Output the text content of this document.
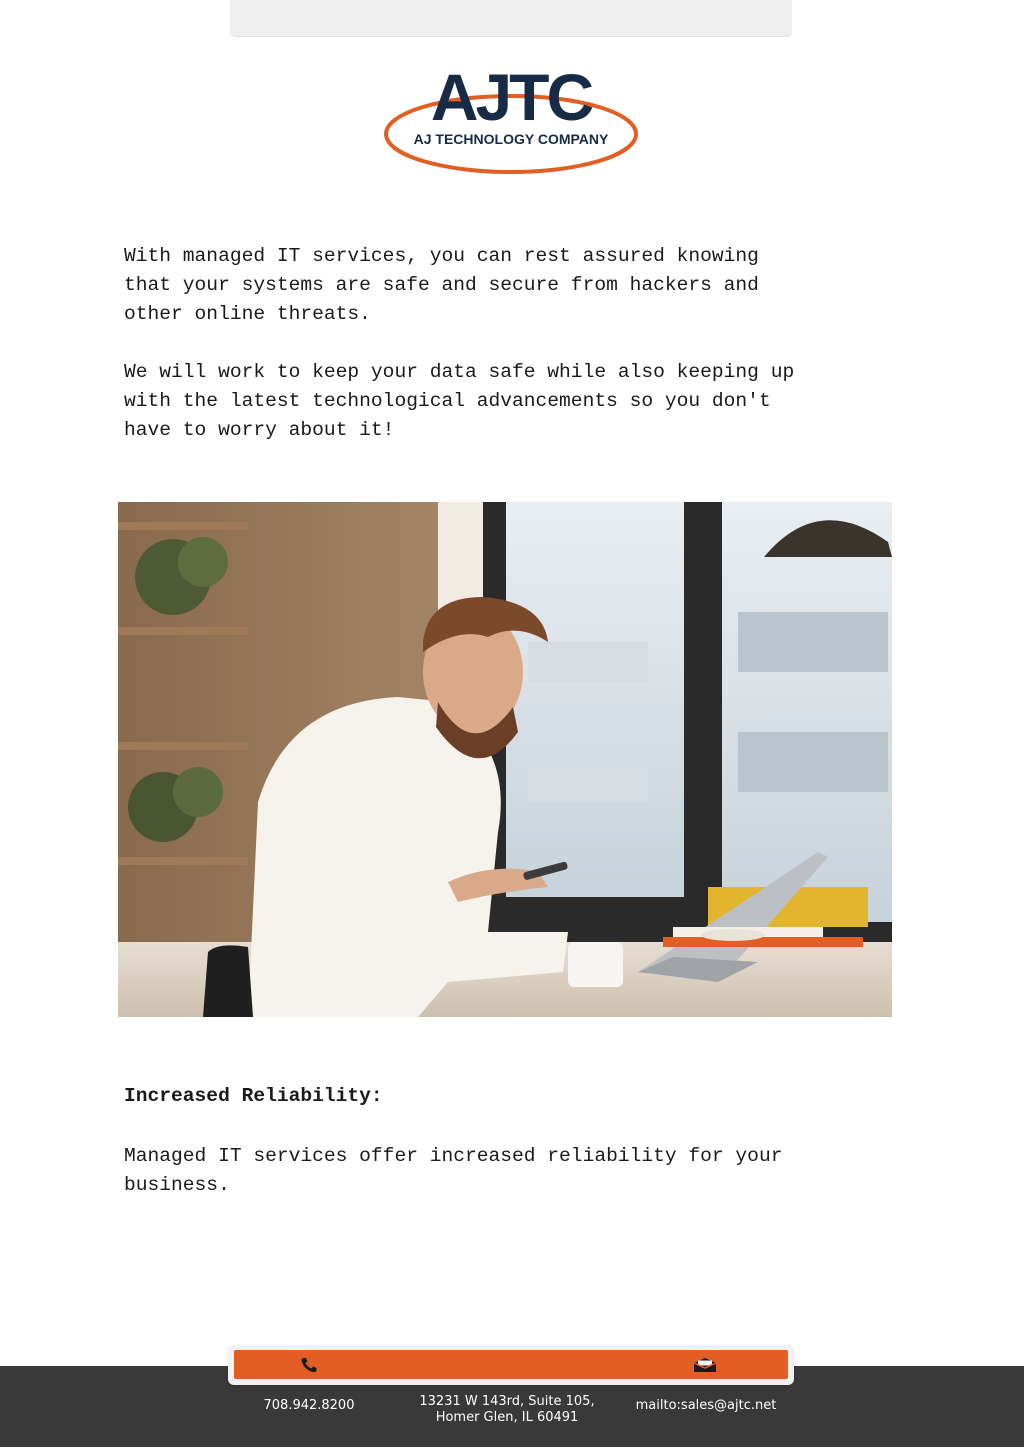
AJTC
AJ TECHNOLOGY COMPANY

With managed IT services, you can rest assured knowing
that your systems are safe and secure from hackers and
other online threats.

We will work to keep your data safe while also keeping up
with the latest technological advancements so you don't
have to worry about it!

Increased Reliability:

Managed IT services offer increased reliability for your
business.

708.942.8200	13231 W 143rd, Suite 105,
Homer Glen, IL 60491
mailto:sales@ajtc.net
